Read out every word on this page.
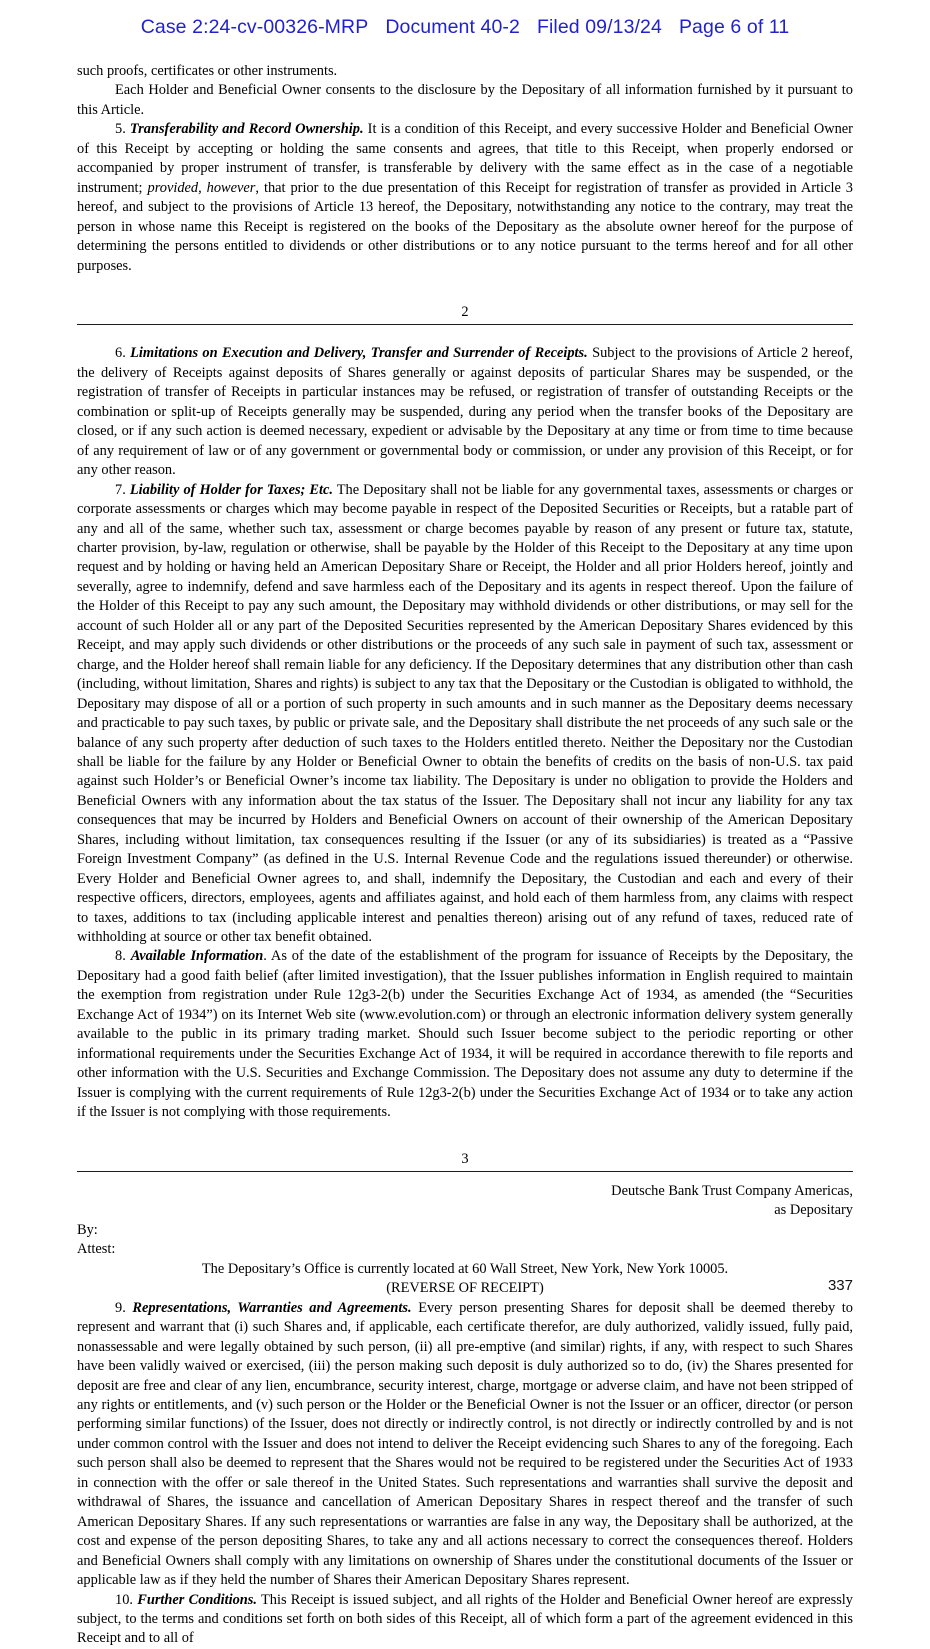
Case 2:24-cv-00326-MRP Document 40-2 Filed 09/13/24 Page 6 of 11

such proofs, certificates or other instruments.

Each Holder and Beneficial Owner consents to the disclosure by the Depositary of all information furnished by it pursuant to this Article.

5. Transferability and Record Ownership. It is a condition of this Receipt, and every successive Holder and Beneficial Owner of this Receipt by accepting or holding the same consents and agrees, that title to this Receipt, when properly endorsed or accompanied by proper instrument of transfer, is transferable by delivery with the same effect as in the case of a negotiable instrument; provided, however, that prior to the due presentation of this Receipt for registration of transfer as provided in Article 3 hereof, and subject to the provisions of Article 13 hereof, the Depositary, notwithstanding any notice to the contrary, may treat the person in whose name this Receipt is registered on the books of the Depositary as the absolute owner hereof for the purpose of determining the persons entitled to dividends or other distributions or to any notice pursuant to the terms hereof and for all other purposes.

2

6. Limitations on Execution and Delivery, Transfer and Surrender of Receipts. Subject to the provisions of Article 2 hereof, the delivery of Receipts against deposits of Shares generally or against deposits of particular Shares may be suspended, or the registration of transfer of Receipts in particular instances may be refused, or registration of transfer of outstanding Receipts or the combination or split-up of Receipts generally may be suspended, during any period when the transfer books of the Depositary are closed, or if any such action is deemed necessary, expedient or advisable by the Depositary at any time or from time to time because of any requirement of law or of any government or governmental body or commission, or under any provision of this Receipt, or for any other reason.

7. Liability of Holder for Taxes; Etc. The Depositary shall not be liable for any governmental taxes, assessments or charges or corporate assessments or charges which may become payable in respect of the Deposited Securities or Receipts, but a ratable part of any and all of the same, whether such tax, assessment or charge becomes payable by reason of any present or future tax, statute, charter provision, by-law, regulation or otherwise, shall be payable by the Holder of this Receipt to the Depositary at any time upon request and by holding or having held an American Depositary Share or Receipt, the Holder and all prior Holders hereof, jointly and severally, agree to indemnify, defend and save harmless each of the Depositary and its agents in respect thereof. Upon the failure of the Holder of this Receipt to pay any such amount, the Depositary may withhold dividends or other distributions, or may sell for the account of such Holder all or any part of the Deposited Securities represented by the American Depositary Shares evidenced by this Receipt, and may apply such dividends or other distributions or the proceeds of any such sale in payment of such tax, assessment or charge, and the Holder hereof shall remain liable for any deficiency. If the Depositary determines that any distribution other than cash (including, without limitation, Shares and rights) is subject to any tax that the Depositary or the Custodian is obligated to withhold, the Depositary may dispose of all or a portion of such property in such amounts and in such manner as the Depositary deems necessary and practicable to pay such taxes, by public or private sale, and the Depositary shall distribute the net proceeds of any such sale or the balance of any such property after deduction of such taxes to the Holders entitled thereto. Neither the Depositary nor the Custodian shall be liable for the failure by any Holder or Beneficial Owner to obtain the benefits of credits on the basis of non-U.S. tax paid against such Holder’s or Beneficial Owner’s income tax liability. The Depositary is under no obligation to provide the Holders and Beneficial Owners with any information about the tax status of the Issuer. The Depositary shall not incur any liability for any tax consequences that may be incurred by Holders and Beneficial Owners on account of their ownership of the American Depositary Shares, including without limitation, tax consequences resulting if the Issuer (or any of its subsidiaries) is treated as a “Passive Foreign Investment Company” (as defined in the U.S. Internal Revenue Code and the regulations issued thereunder) or otherwise. Every Holder and Beneficial Owner agrees to, and shall, indemnify the Depositary, the Custodian and each and every of their respective officers, directors, employees, agents and affiliates against, and hold each of them harmless from, any claims with respect to taxes, additions to tax (including applicable interest and penalties thereon) arising out of any refund of taxes, reduced rate of withholding at source or other tax benefit obtained.

8. Available Information. As of the date of the establishment of the program for issuance of Receipts by the Depositary, the Depositary had a good faith belief (after limited investigation), that the Issuer publishes information in English required to maintain the exemption from registration under Rule 12g3-2(b) under the Securities Exchange Act of 1934, as amended (the “Securities Exchange Act of 1934”) on its Internet Web site (www.evolution.com) or through an electronic information delivery system generally available to the public in its primary trading market. Should such Issuer become subject to the periodic reporting or other informational requirements under the Securities Exchange Act of 1934, it will be required in accordance therewith to file reports and other information with the U.S. Securities and Exchange Commission. The Depositary does not assume any duty to determine if the Issuer is complying with the current requirements of Rule 12g3-2(b) under the Securities Exchange Act of 1934 or to take any action if the Issuer is not complying with those requirements.

3
Deutsche Bank Trust Company Americas,
as Depositary
By:
Attest:
The Depositary’s Office is currently located at 60 Wall Street, New York, New York 10005.
(REVERSE OF RECEIPT)

9. Representations, Warranties and Agreements. Every person presenting Shares for deposit shall be deemed thereby to represent and warrant that (i) such Shares and, if applicable, each certificate therefor, are duly authorized, validly issued, fully paid, nonassessable and were legally obtained by such person, (ii) all pre-emptive (and similar) rights, if any, with respect to such Shares have been validly waived or exercised, (iii) the person making such deposit is duly authorized so to do, (iv) the Shares presented for deposit are free and clear of any lien, encumbrance, security interest, charge, mortgage or adverse claim, and have not been stripped of any rights or entitlements, and (v) such person or the Holder or the Beneficial Owner is not the Issuer or an officer, director (or person performing similar functions) of the Issuer, does not directly or indirectly control, is not directly or indirectly controlled by and is not under common control with the Issuer and does not intend to deliver the Receipt evidencing such Shares to any of the foregoing. Each such person shall also be deemed to represent that the Shares would not be required to be registered under the Securities Act of 1933 in connection with the offer or sale thereof in the United States. Such representations and warranties shall survive the deposit and withdrawal of Shares, the issuance and cancellation of American Depositary Shares in respect thereof and the transfer of such American Depositary Shares. If any such representations or warranties are false in any way, the Depositary shall be authorized, at the cost and expense of the person depositing Shares, to take any and all actions necessary to correct the consequences thereof. Holders and Beneficial Owners shall comply with any limitations on ownership of Shares under the constitutional documents of the Issuer or applicable law as if they held the number of Shares their American Depositary Shares represent.

10. Further Conditions. This Receipt is issued subject, and all rights of the Holder and Beneficial Owner hereof are expressly subject, to the terms and conditions set forth on both sides of this Receipt, all of which form a part of the agreement evidenced in this Receipt and to all of

337
